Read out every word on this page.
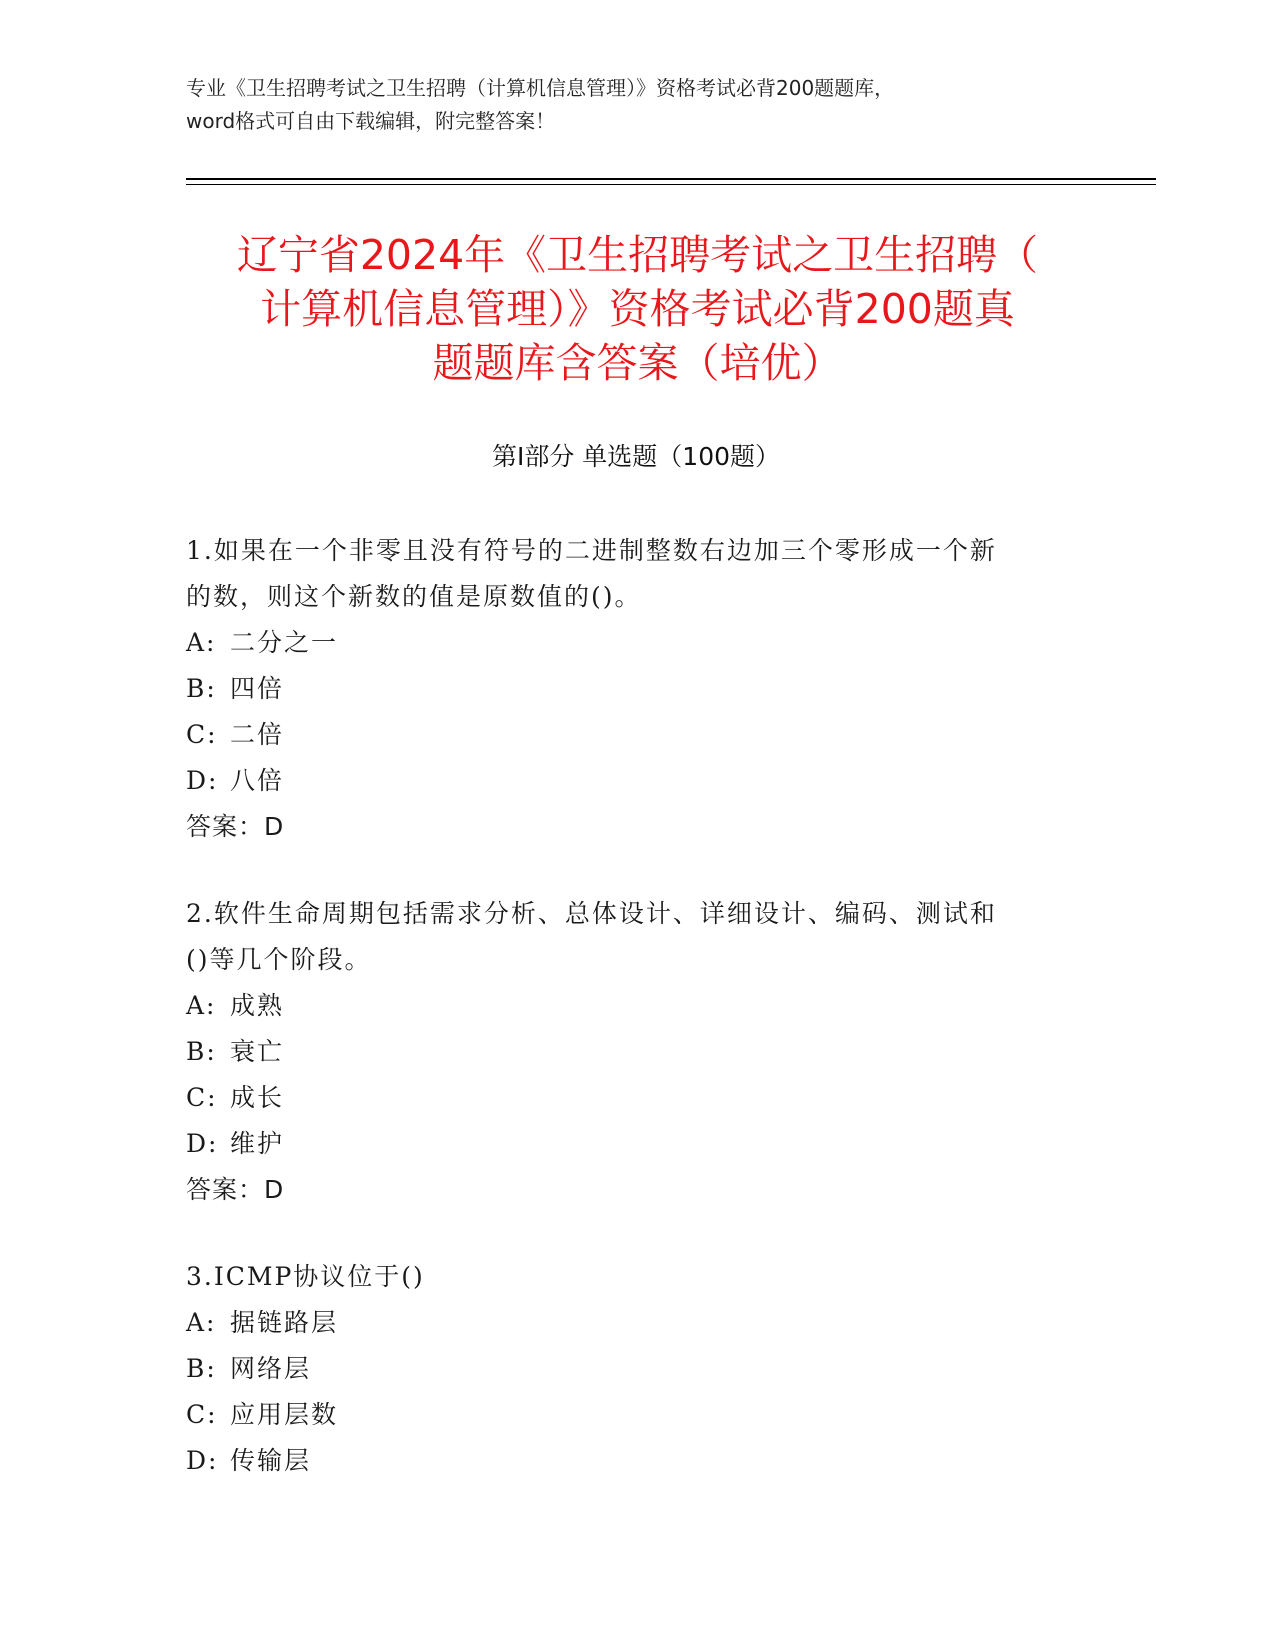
专业《卫生招聘考试之卫生招聘（计算机信息管理）》资格考试必背200题题库，
word格式可自由下载编辑，附完整答案！
辽宁省2024年《卫生招聘考试之卫生招聘（
计算机信息管理）》资格考试必背200题真
题题库含答案（培优）
第Ⅰ部分 单选题（100题）
1.如果在一个非零且没有符号的二进制整数右边加三个零形成一个新
的数，则这个新数的值是原数值的()。
A: 二分之一
B: 四倍
C: 二倍
D: 八倍
答案：D
2.软件生命周期包括需求分析、总体设计、详细设计、编码、测试和
()等几个阶段。
A: 成熟
B: 衰亡
C: 成长
D: 维护
答案：D
3.ICMP协议位于()
A: 据链路层
B: 网络层
C: 应用层数
D: 传输层
